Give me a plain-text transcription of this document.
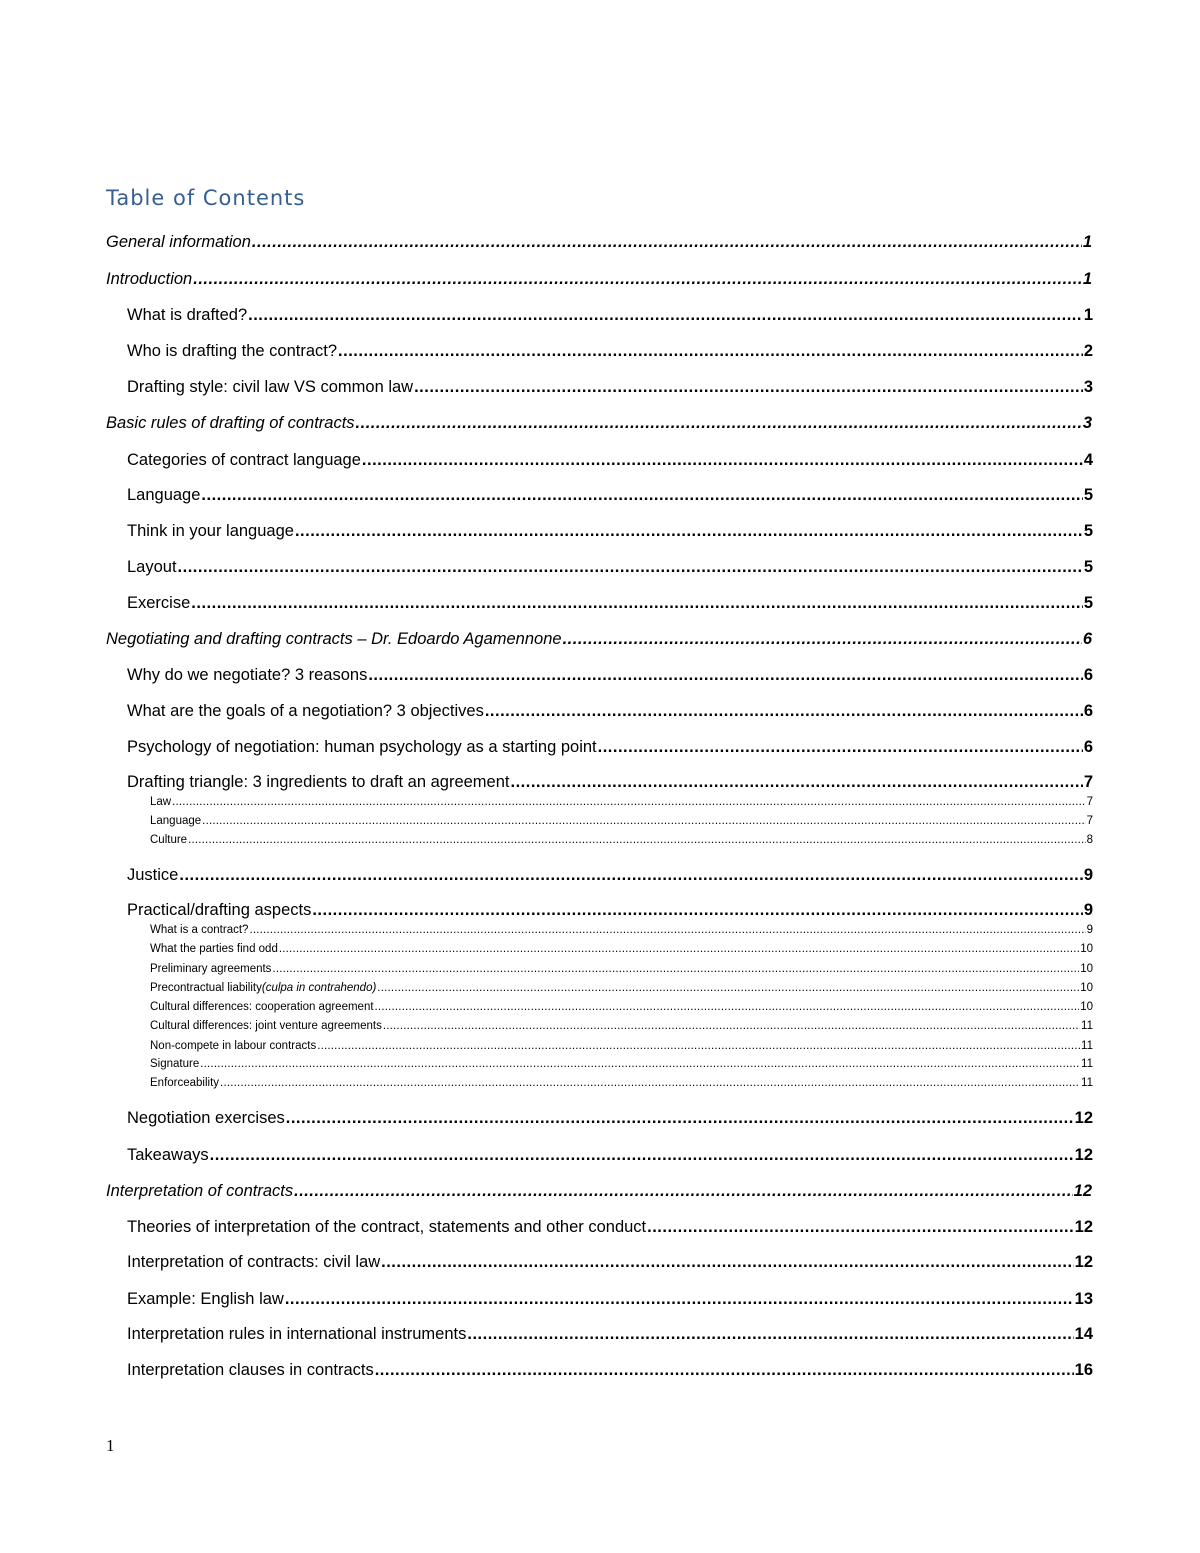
Table of Contents
General information .....	1
Introduction .....	1
What is drafted? .....	1
Who is drafting the contract? .....	2
Drafting style: civil law VS common law .....	3
Basic rules of drafting of contracts .....	3
Categories of contract language .....	4
Language .....	5
Think in your language .....	5
Layout .....	5
Exercise .....	5
Negotiating and drafting contracts – Dr. Edoardo Agamennone .....	6
Why do we negotiate? 3 reasons .....	6
What are the goals of a negotiation? 3 objectives .....	6
Psychology of negotiation: human psychology as a starting point .....	6
Drafting triangle: 3 ingredients to draft an agreement .....	7
Law .....	7
Language .....	7
Culture .....	8
Justice .....	9
Practical/drafting aspects .....	9
What is a contract? .....	9
What the parties find odd .....	10
Preliminary agreements .....	10
Precontractual liability (culpa in contrahendo) .....	10
Cultural differences: cooperation agreement .....	10
Cultural differences: joint venture agreements .....	11
Non-compete in labour contracts .....	11
Signature .....	11
Enforceability .....	11
Negotiation exercises .....	12
Takeaways .....	12
Interpretation of contracts .....	12
Theories of interpretation of the contract, statements and other conduct .....	12
Interpretation of contracts: civil law .....	12
Example: English law .....	13
Interpretation rules in international instruments .....	14
Interpretation clauses in contracts .....	16
1
